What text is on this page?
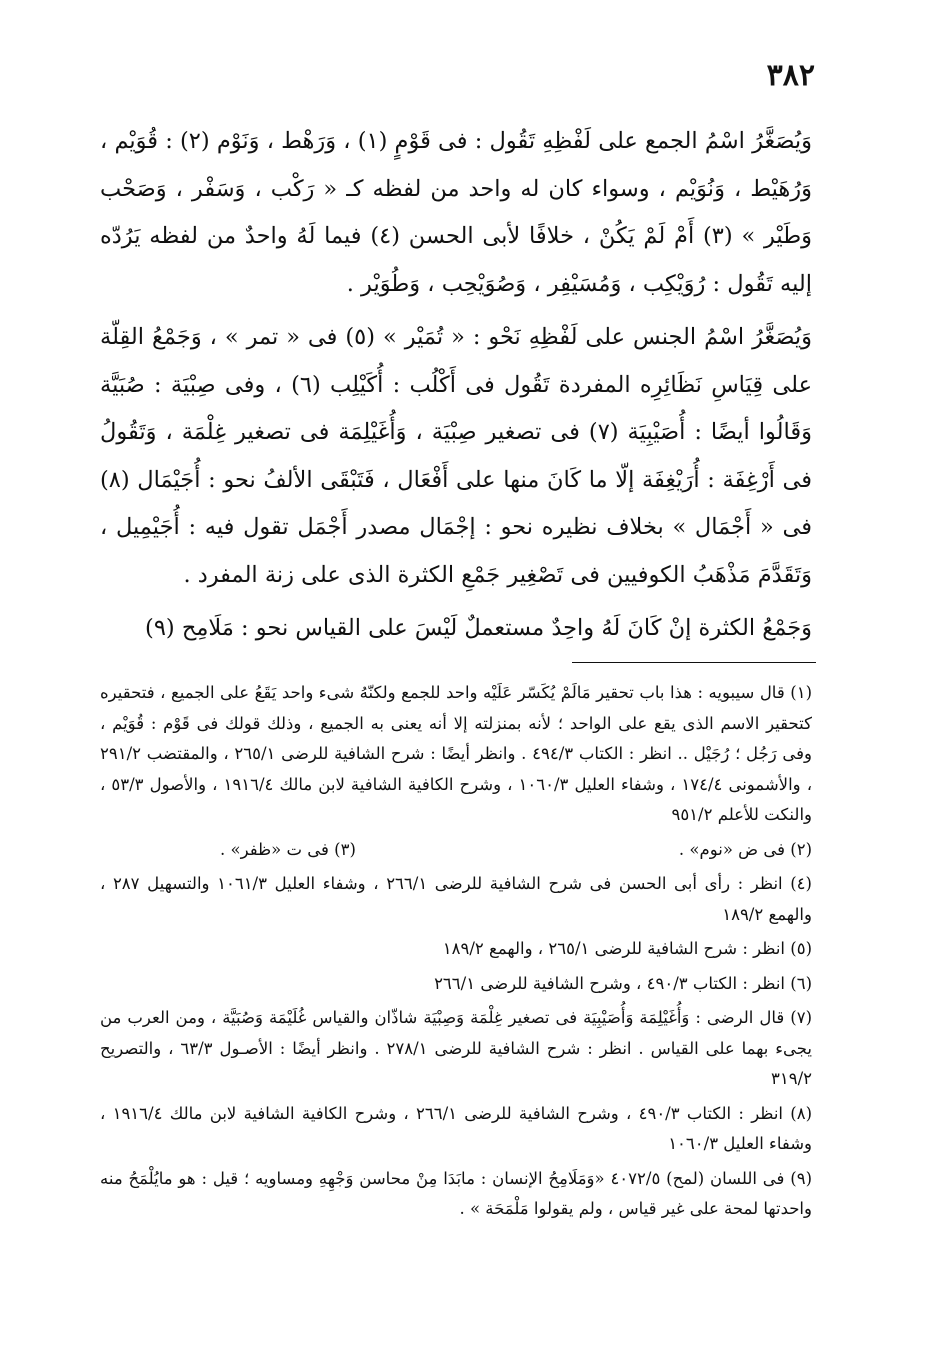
٣٨٢

وَيُصَغَّرُ اسْمُ الجمع على لَفْظِهِ تَقُول : فى قَوْمٍ (١) ، وَرَهْط ، وَنَوْم (٢) : قُوَيْم ، وَرُهَيْط ، وَنُوَيْم ، وسواء كان له واحد من لفظه كـ « رَكْب ، وَسَفْر ، وَصَحْب وَطَيْر » (٣) أَمْ لَمْ يَكُنْ ، خلافًا لأبى الحسن (٤) فيما لَهُ واحدٌ من لفظه يَرُدّه إليه تَقُول : رُوَيْكِب ، وَمُسَيْفِر ، وَصُوَيْحِب ، وَطُوَيْر .

وَيُصَغَّرُ اسْمُ الجنس على لَفْظِهِ نَحْو : « تُمَيْر » (٥) فى « تمر » ، وَجَمْعُ القِلّة على قِيَاسِ نَظَائِرِه المفردة تَقُول فى أَكْلُب : أُكَيْلِب (٦) ، وفى صِبْيَة : صُبَيَّة وَقَالُوا أيضًا : أُصَيْبِيَة (٧) فى تصغير صِبْيَة ، وَأُغَيْلِمَة فى تصغير غِلْمَة ، وَتَقُولُ فى أَرْغِفَة : أُرَيْغِفَة إلّا ما كَانَ منها على أَفْعَال ، فَتَبْقَى الألفُ نحو : أُجَيْمَال (٨) فى « أَجْمَال » بخلاف نظيره نحو : إجْمَال مصدر أَجْمَل تقول فيه : أُجَيْمِيل ، وَتَقَدَّمَ مَذْهَبُ الكوفيين فى تَصْغِير جَمْعِ الكثرة الذى على زنة المفرد .

وَجَمْعُ الكثرة إنْ كَانَ لَهُ واحِدٌ مستعملٌ لَيْسَ على القياس نحو : مَلَامِح (٩)

(١) قال سيبويه : هذا باب تحقير مَالَمْ يُكَسّر عَلَيْه واحد للجمع ولكنّهُ شىء واحد يَقَعُ على الجميع ، فتحقيره كتحقير الاسم الذى يقع على الواحد ؛ لأنه بمنزلته إلا أنه يعنى به الجميع ، وذلك قولك فى قَوْم : قُوَيْم ، وفى رَجُل ؛ رُجَيْل .. انظر : الكتاب ٤٩٤/٣ . وانظر أيضًا : شرح الشافية للرضى ٢٦٥/١ ، والمقتضب ٢٩١/٢ ، والأشمونى ١٧٤/٤ ، وشفاء العليل ١٠٦٠/٣ ، وشرح الكافية الشافية لابن مالك ١٩١٦/٤ ، والأصول ٥٣/٣ ، والنكت للأعلم ٩٥١/٢
(٢) فى ض «نوم» .
(٣) فى ت «ظفر» .
(٤) انظر : رأى أبى الحسن فى شرح الشافية للرضى ٢٦٦/١ ، وشفاء العليل ١٠٦١/٣ والتسهيل ٢٨٧ ، والهمع ١٨٩/٢
(٥) انظر : شرح الشافية للرضى ٢٦٥/١ ، والهمع ١٨٩/٢
(٦) انظر : الكتاب ٤٩٠/٣ ، وشرح الشافية للرضى ٢٦٦/١
(٧) قال الرضى : وَأُغَيْلِمَة وَأُصَيْبِيَة فى تصغير غِلْمَة وَصِبْيَة شاذّان والقياس غُلَيْمَة وَصُبَيَّة ، ومن العرب من يجىء بهما على القياس . انظر : شرح الشافية للرضى ٢٧٨/١ . وانظر أيضًا : الأصـول ٦٣/٣ ، والتصريح ٣١٩/٢
(٨) انظر : الكتاب ٤٩٠/٣ ، وشرح الشافية للرضى ٢٦٦/١ ، وشرح الكافية الشافية لابن مالك ١٩١٦/٤ ، وشفاء العليل ١٠٦٠/٣
(٩) فى اللسان (لمح) ٤٠٧٢/٥ «وَمَلَامِحُ الإنسان : مابَدَا مِنْ محاسن وَجْهِهِ ومساويه ؛ قيل : هو مايُلْمَحُ منه واحدتها لمحة على غير قياس ، ولم يقولوا مَلْمَحَة » .
